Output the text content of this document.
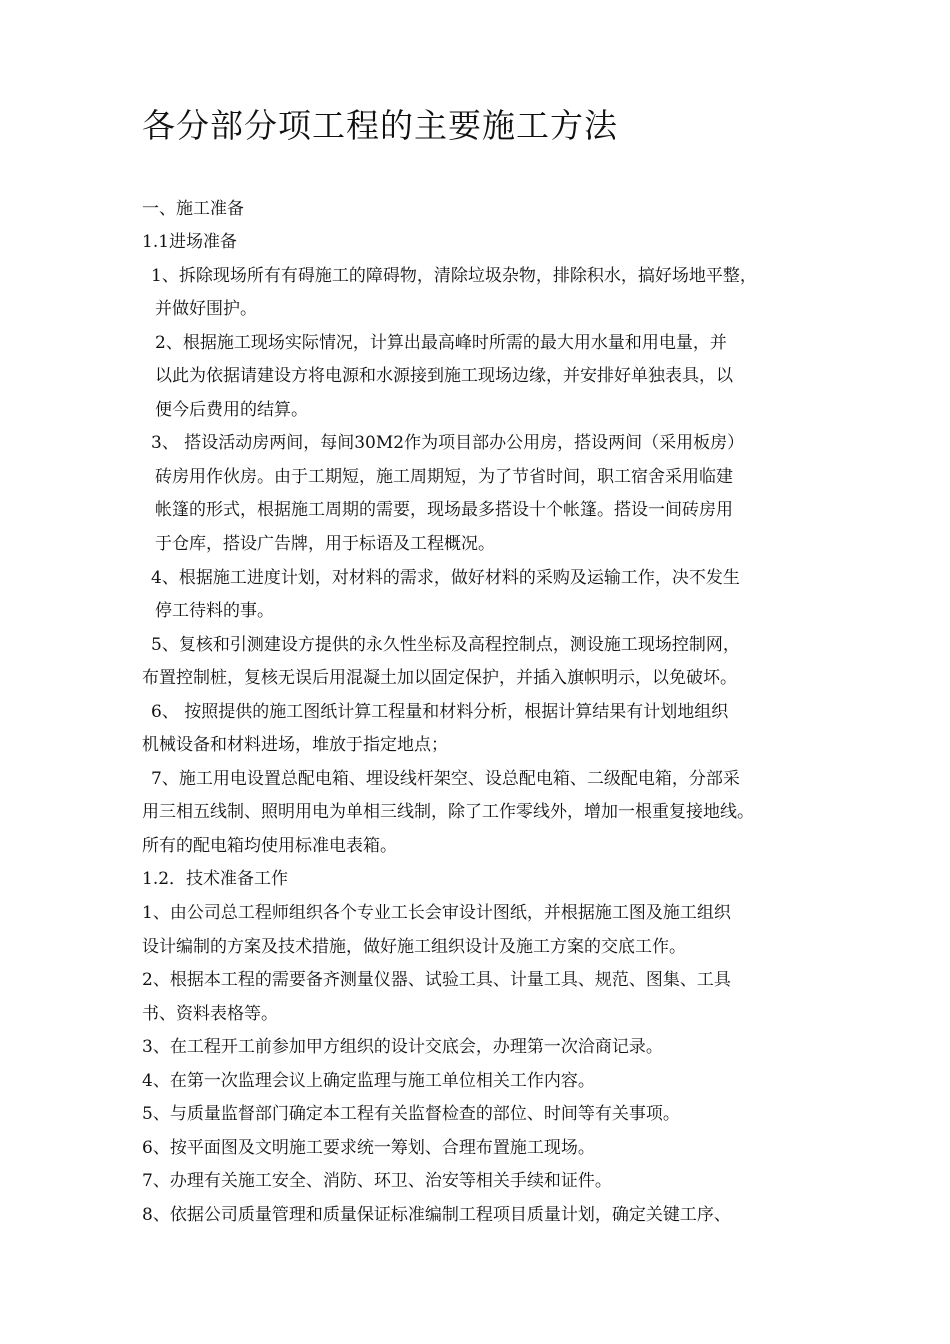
各分部分项工程的主要施工方法

一、施工准备

1.1进场准备

1、拆除现场所有有碍施工的障碍物，清除垃圾杂物，排除积水，搞好场地平整，

并做好围护。

2、根据施工现场实际情况，计算出最高峰时所需的最大用水量和用电量，并

以此为依据请建设方将电源和水源接到施工现场边缘，并安排好单独表具，以

便今后费用的结算。

3、 搭设活动房两间，每间30M2作为项目部办公用房，搭设两间（采用板房）

砖房用作伙房。由于工期短，施工周期短，为了节省时间，职工宿舍采用临建

帐篷的形式，根据施工周期的需要，现场最多搭设十个帐篷。搭设一间砖房用

于仓库，搭设广告牌，用于标语及工程概况。

4、根据施工进度计划，对材料的需求，做好材料的采购及运输工作，决不发生

停工待料的事。

5、复核和引测建设方提供的永久性坐标及高程控制点，测设施工现场控制网，

布置控制桩，复核无误后用混凝土加以固定保护，并插入旗帜明示，以免破坏。

6、 按照提供的施工图纸计算工程量和材料分析，根据计算结果有计划地组织

机械设备和材料进场，堆放于指定地点；

7、施工用电设置总配电箱、埋设线杆架空、设总配电箱、二级配电箱，分部采

用三相五线制、照明用电为单相三线制，除了工作零线外，增加一根重复接地线。

所有的配电箱均使用标准电表箱。

1.2．技术准备工作

1、由公司总工程师组织各个专业工长会审设计图纸，并根据施工图及施工组织

设计编制的方案及技术措施，做好施工组织设计及施工方案的交底工作。

2、根据本工程的需要备齐测量仪器、试验工具、计量工具、规范、图集、工具

书、资料表格等。

3、在工程开工前参加甲方组织的设计交底会，办理第一次洽商记录。

4、在第一次监理会议上确定监理与施工单位相关工作内容。

5、与质量监督部门确定本工程有关监督检查的部位、时间等有关事项。

6、按平面图及文明施工要求统一筹划、合理布置施工现场。

7、办理有关施工安全、消防、环卫、治安等相关手续和证件。

8、依据公司质量管理和质量保证标准编制工程项目质量计划，确定关键工序、
